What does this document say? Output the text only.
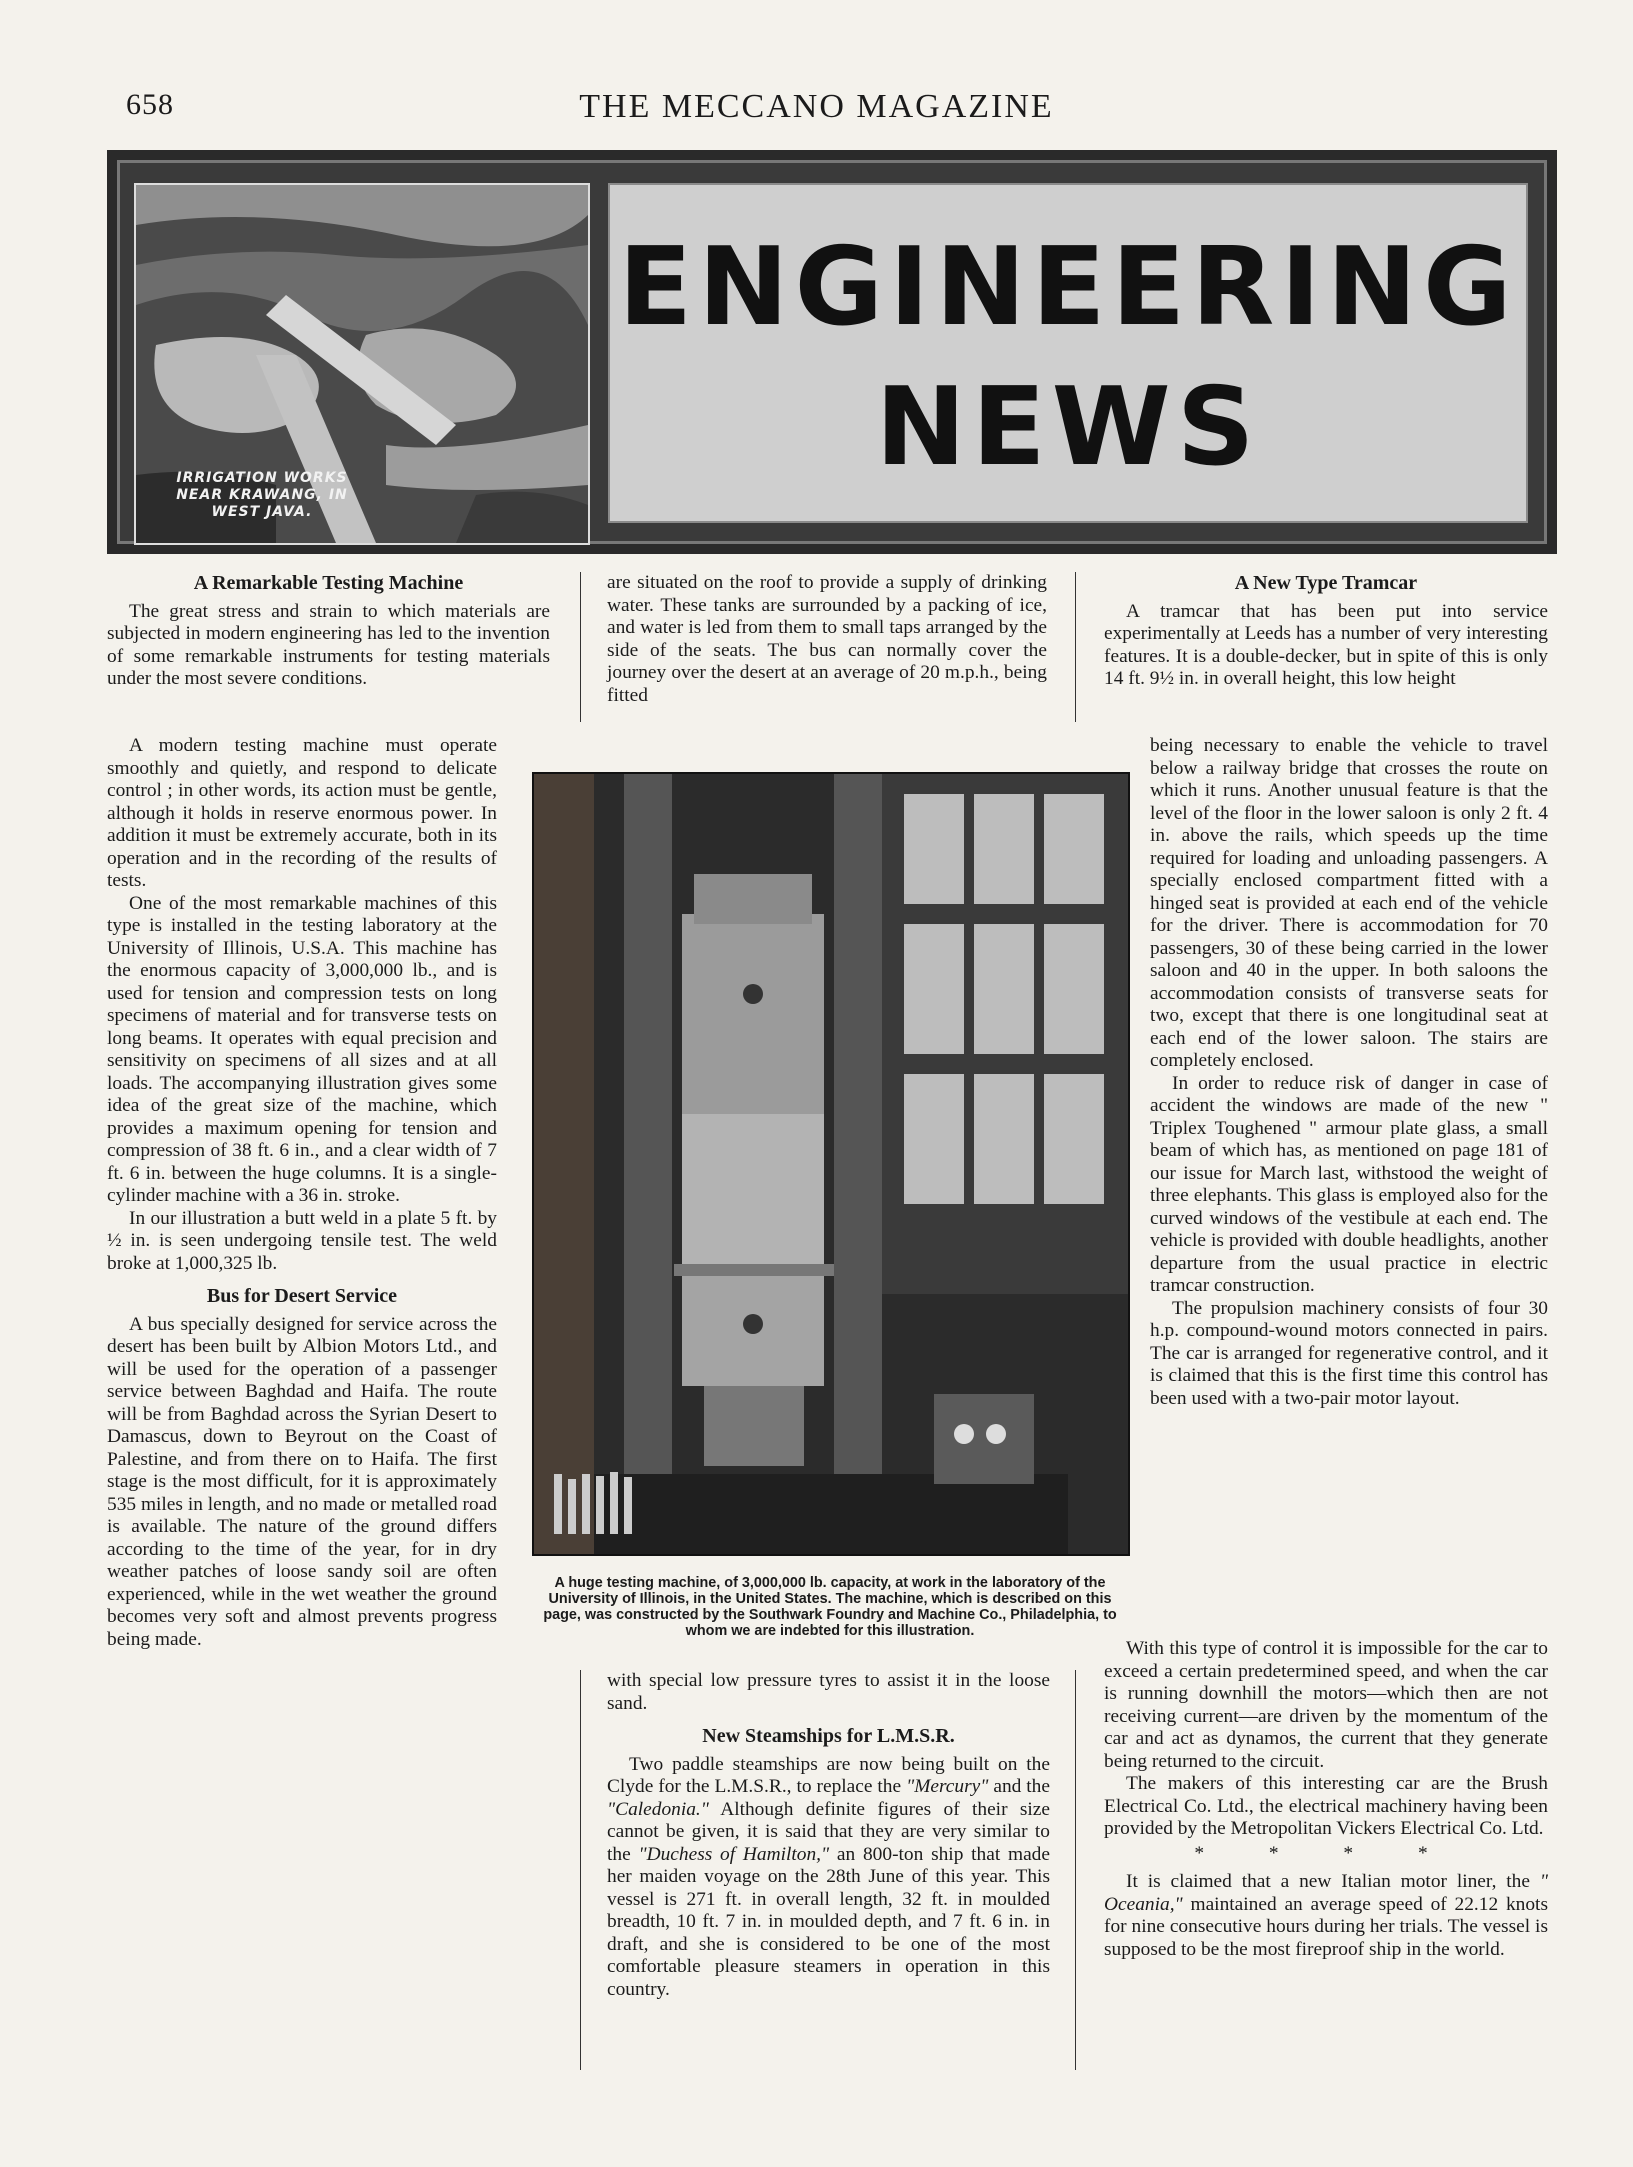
658	THE MECCANO MAGAZINE
IRRIGATION WORKS NEAR KRAWANG, IN WEST JAVA.
ENGINEERING
NEWS
A Remarkable Testing Machine

The great stress and strain to which materials are subjected in modern engineering has led to the invention of some remarkable instruments for testing materials under the most severe conditions.

A modern testing machine must operate smoothly and quietly, and respond to delicate control ; in other words, its action must be gentle, although it holds in reserve enormous power. In addition it must be extremely accurate, both in its operation and in the recording of the results of tests.

One of the most remarkable machines of this type is installed in the testing laboratory at the University of Illinois, U.S.A. This machine has the enormous capacity of 3,000,000 lb., and is used for tension and compression tests on long specimens of material and for transverse tests on long beams. It operates with equal precision and sensitivity on specimens of all sizes and at all loads. The accompanying illustration gives some idea of the great size of the machine, which provides a maximum opening for tension and compression of 38 ft. 6 in., and a clear width of 7 ft. 6 in. between the huge columns. It is a single-cylinder machine with a 36 in. stroke.

In our illustration a butt weld in a plate 5 ft. by ½ in. is seen undergoing tensile test. The weld broke at 1,000,325 lb.

Bus for Desert Service

A bus specially designed for service across the desert has been built by Albion Motors Ltd., and will be used for the operation of a passenger service between Baghdad and Haifa. The route will be from Baghdad across the Syrian Desert to Damascus, down to Beyrout on the Coast of Palestine, and from there on to Haifa. The first stage is the most difficult, for it is approximately 535 miles in length, and no made or metalled road is available. The nature of the ground differs according to the time of the year, for in dry weather patches of loose sandy soil are often experienced, while in the wet weather the ground becomes very soft and almost prevents progress being made.

are situated on the roof to provide a supply of drinking water. These tanks are surrounded by a packing of ice, and water is led from them to small taps arranged by the side of the seats. The bus can normally cover the journey over the desert at an average of 20 m.p.h., being fitted

A huge testing machine, of 3,000,000 lb. capacity, at work in the laboratory of the University of Illinois, in the United States. The machine, which is described on this page, was constructed by the Southwark Foundry and Machine Co., Philadelphia, to whom we are indebted for this illustration.

with special low pressure tyres to assist it in the loose sand.

New Steamships for L.M.S.R.

Two paddle steamships are now being built on the Clyde for the L.M.S.R., to replace the "Mercury" and the "Caledonia." Although definite figures of their size cannot be given, it is said that they are very similar to the "Duchess of Hamilton," an 800-ton ship that made her maiden voyage on the 28th June of this year. This vessel is 271 ft. in overall length, 32 ft. in moulded breadth, 10 ft. 7 in. in moulded depth, and 7 ft. 6 in. in draft, and she is considered to be one of the most comfortable pleasure steamers in operation in this country.

A New Type Tramcar

A tramcar that has been put into service experimentally at Leeds has a number of very interesting features. It is a double-decker, but in spite of this is only 14 ft. 9½ in. in overall height, this low height

being necessary to enable the vehicle to travel below a railway bridge that crosses the route on which it runs. Another unusual feature is that the level of the floor in the lower saloon is only 2 ft. 4 in. above the rails, which speeds up the time required for loading and unloading passengers. A specially enclosed compartment fitted with a hinged seat is provided at each end of the vehicle for the driver. There is accommodation for 70 passengers, 30 of these being carried in the lower saloon and 40 in the upper. In both saloons the accommodation consists of transverse seats for two, except that there is one longitudinal seat at each end of the lower saloon. The stairs are completely enclosed.

In order to reduce risk of danger in case of accident the windows are made of the new " Triplex Toughened " armour plate glass, a small beam of which has, as mentioned on page 181 of our issue for March last, withstood the weight of three elephants. This glass is employed also for the curved windows of the vestibule at each end. The vehicle is provided with double headlights, another departure from the usual practice in electric tramcar construction.

The propulsion machinery consists of four 30 h.p. compound-wound motors connected in pairs. The car is arranged for regenerative control, and it is claimed that this is the first time this control has been used with a two-pair motor layout.

With this type of control it is impossible for the car to exceed a certain predetermined speed, and when the car is running downhill the motors—which then are not receiving current—are driven by the momentum of the car and act as dynamos, the current that they generate being returned to the circuit.

The makers of this interesting car are the Brush Electrical Co. Ltd., the electrical machinery having been provided by the Metropolitan Vickers Electrical Co. Ltd.

* * * *

It is claimed that a new Italian motor liner, the " Oceania," maintained an average speed of 22.12 knots for nine consecutive hours during her trials. The vessel is supposed to be the most fireproof ship in the world.
